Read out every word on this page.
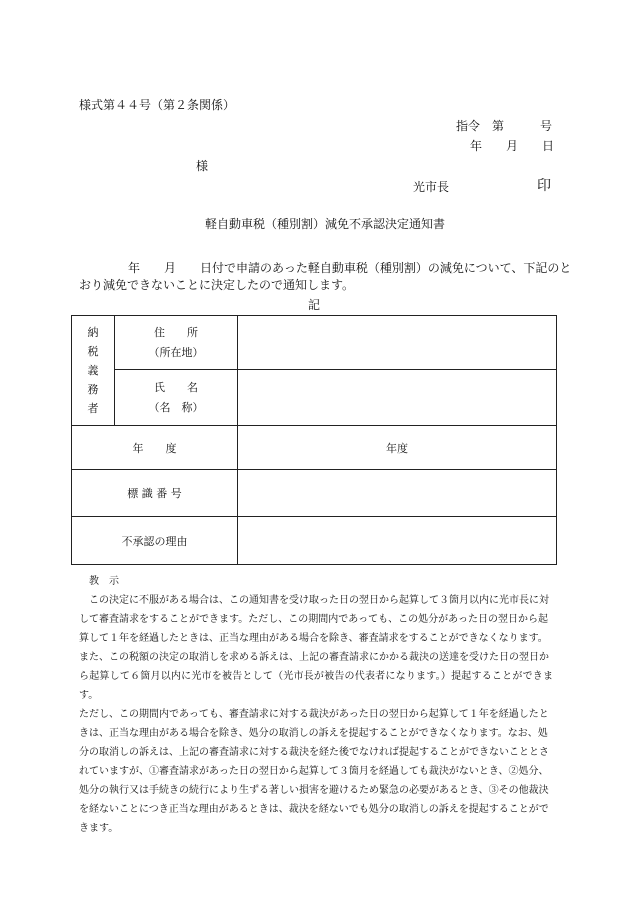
様式第４４号（第２条関係）
指令　第　　　号
年　　月　　日
様
光市長	印
軽自動車税（種別割）減免不承認決定通知書
年　　月　　日付で申請のあった軽自動車税（種別割）の減免について、下記のと
おり減免できないことに決定したので通知します。
記
納
税
義
務
者	住　　所
（所在地）	

	氏　　名
（名　称）	

年　　度		年度
標 識 番 号		
不承認の理由		
教　示

この決定に不服がある場合は、この通知書を受け取った日の翌日から起算して３箇月以内に光市長に対

して審査請求をすることができます。ただし、この期間内であっても、この処分があった日の翌日から起

算して１年を経過したときは、正当な理由がある場合を除き、審査請求をすることができなくなります。

また、この税額の決定の取消しを求める訴えは、上記の審査請求にかかる裁決の送達を受けた日の翌日か

ら起算して６箇月以内に光市を被告として（光市長が被告の代表者になります。）提起することができます。

ただし、この期間内であっても、審査請求に対する裁決があった日の翌日から起算して１年を経過したと

きは、正当な理由がある場合を除き、処分の取消しの訴えを提起することができなくなります。なお、処

分の取消しの訴えは、上記の審査請求に対する裁決を経た後でなければ提起することができないこととさ

れていますが、①審査請求があった日の翌日から起算して３箇月を経過しても裁決がないとき、②処分、

処分の執行又は手続きの続行により生ずる著しい損害を避けるため緊急の必要があるとき、③その他裁決

を経ないことにつき正当な理由があるときは、裁決を経ないでも処分の取消しの訴えを提起することがで

きます。
